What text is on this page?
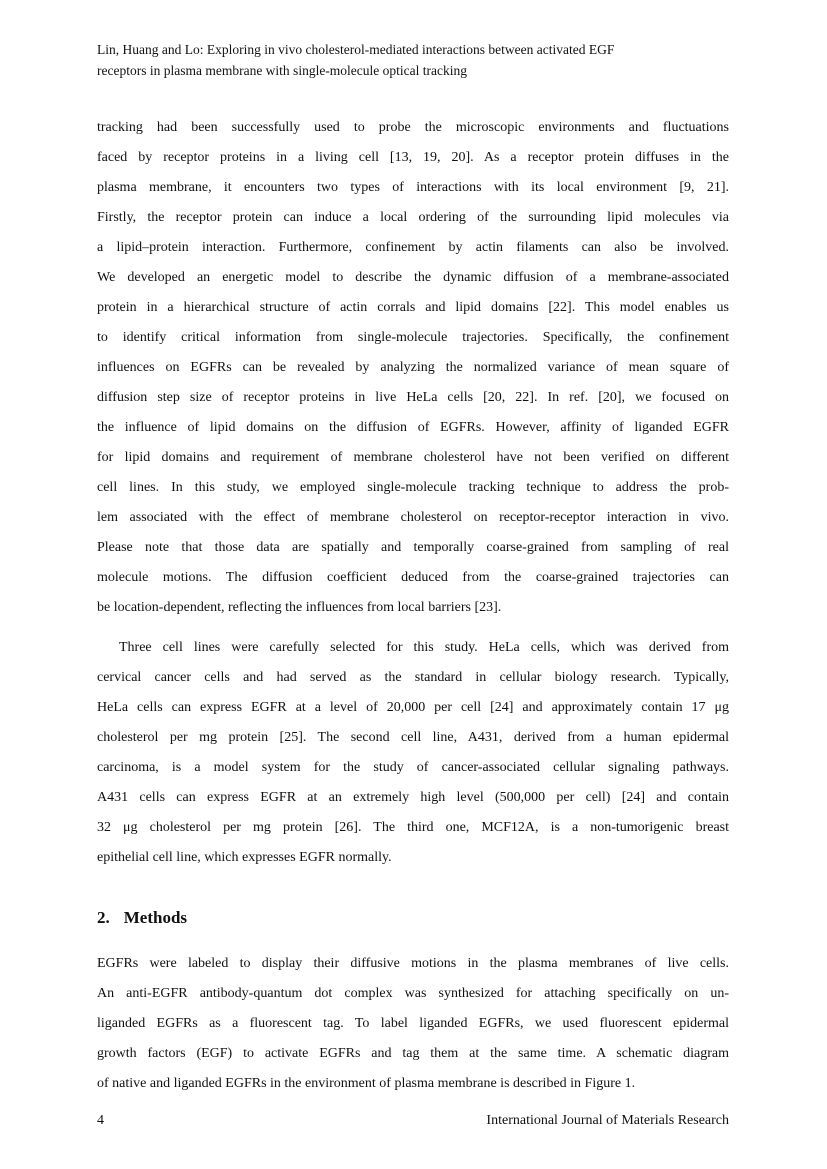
Lin, Huang and Lo: Exploring in vivo cholesterol-mediated interactions between activated EGF
receptors in plasma membrane with single-molecule optical tracking
tracking had been successfully used to probe the microscopic environments and fluctuations
faced by receptor proteins in a living cell [13, 19, 20]. As a receptor protein diffuses in the
plasma membrane, it encounters two types of interactions with its local environment [9, 21].
Firstly, the receptor protein can induce a local ordering of the surrounding lipid molecules via
a lipid–protein interaction. Furthermore, confinement by actin filaments can also be involved.
We developed an energetic model to describe the dynamic diffusion of a membrane-associated
protein in a hierarchical structure of actin corrals and lipid domains [22]. This model enables us
to identify critical information from single-molecule trajectories. Specifically, the confinement
influences on EGFRs can be revealed by analyzing the normalized variance of mean square of
diffusion step size of receptor proteins in live HeLa cells [20, 22]. In ref. [20], we focused on
the influence of lipid domains on the diffusion of EGFRs. However, affinity of liganded EGFR
for lipid domains and requirement of membrane cholesterol have not been verified on different
cell lines. In this study, we employed single-molecule tracking technique to address the prob-
lem associated with the effect of membrane cholesterol on receptor-receptor interaction in vivo.
Please note that those data are spatially and temporally coarse-grained from sampling of real
molecule motions. The diffusion coefficient deduced from the coarse-grained trajectories can
be location-dependent, reflecting the influences from local barriers [23].
Three cell lines were carefully selected for this study. HeLa cells, which was derived from
cervical cancer cells and had served as the standard in cellular biology research. Typically,
HeLa cells can express EGFR at a level of 20,000 per cell [24] and approximately contain 17 μg
cholesterol per mg protein [25]. The second cell line, A431, derived from a human epidermal
carcinoma, is a model system for the study of cancer-associated cellular signaling pathways.
A431 cells can express EGFR at an extremely high level (500,000 per cell) [24] and contain
32 μg cholesterol per mg protein [26]. The third one, MCF12A, is a non-tumorigenic breast
epithelial cell line, which expresses EGFR normally.
2. Methods
EGFRs were labeled to display their diffusive motions in the plasma membranes of live cells.
An anti-EGFR antibody-quantum dot complex was synthesized for attaching specifically on un-
liganded EGFRs as a fluorescent tag. To label liganded EGFRs, we used fluorescent epidermal
growth factors (EGF) to activate EGFRs and tag them at the same time. A schematic diagram
of native and liganded EGFRs in the environment of plasma membrane is described in Figure 1.
4	International Journal of Materials Research
